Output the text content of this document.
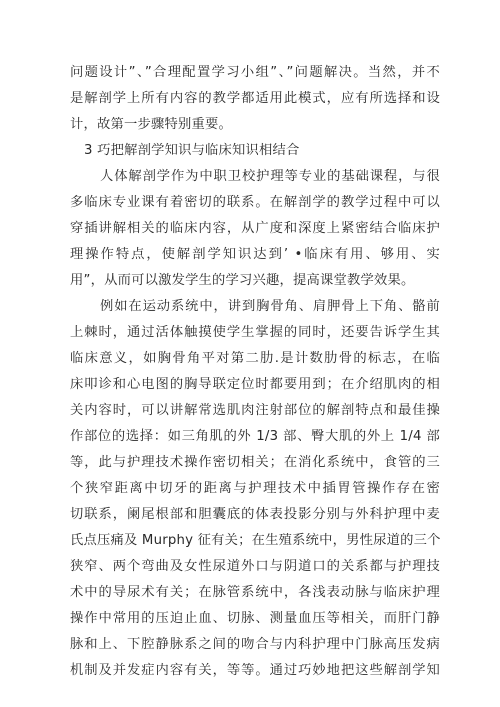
问题设计”、”合理配置学习小组”、”问题解决。当然，并不
是解剖学上所有内容的教学都适用此模式，应有所选择和设
计，故第一步骤特别重要。
3 巧把解剖学知识与临床知识相结合
人体解剖学作为中职卫校护理等专业的基础课程，与很
多临床专业课有着密切的联系。在解剖学的教学过程中可以
穿插讲解相关的临床内容，从广度和深度上紧密结合临床护
理操作特点，使解剖学知识达到’ •临床有用、够用、实
用”，从而可以激发学生的学习兴趣，提高课堂教学效果。
例如在运动系统中，讲到胸骨角、肩胛骨上下角、骼前
上棘时，通过活体触摸使学生掌握的同时，还要告诉学生其
临床意义，如胸骨角平对第二肋.是计数肋骨的标志，在临
床叩诊和心电图的胸导联定位时都要用到；在介绍肌肉的相
关内容时，可以讲解常选肌肉注射部位的解剖特点和最佳操
作部位的选择：如三角肌的外 1/3 部、臀大肌的外上 1/4 部
等，此与护理技术操作密切相关；在消化系统中，食管的三
个狭窄距离中切牙的距离与护理技术中插胃管操作存在密
切联系，阑尾根部和胆囊底的体表投影分别与外科护理中麦
氏点压痛及 Murphy 征有关；在生殖系统中，男性尿道的三个
狭窄、两个弯曲及女性尿道外口与阴道口的关系都与护理技
术中的导尿术有关；在脉管系统中，各浅表动脉与临床护理
操作中常用的压迫止血、切脉、测量血压等相关，而肝门静
脉和上、下腔静脉系之间的吻合与内科护理中门脉高压发病
机制及并发症内容有关，等等。通过巧妙地把这些解剖学知
